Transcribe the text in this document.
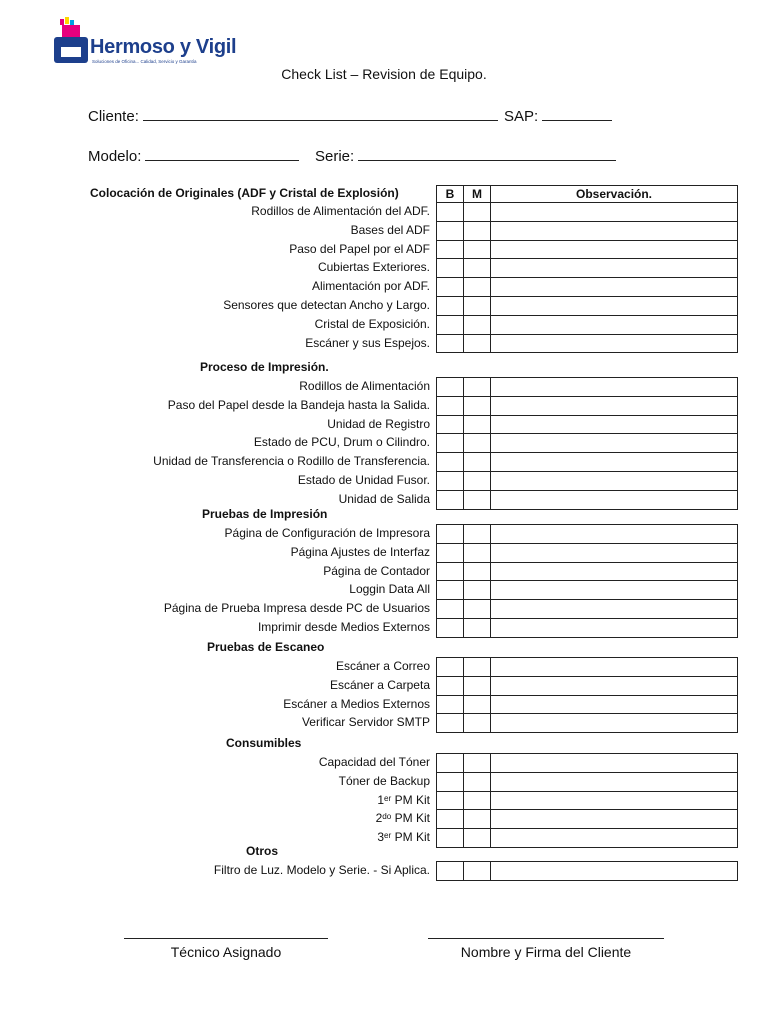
Hermoso y Vigil
Soluciones de Oficina... Calidad, Servicio y Garantía
Check List – Revision de Equipo.
Cliente:	SAP:
Modelo:	Serie:
Colocación de Originales (ADF y Cristal de Explosión)	B	M	Observación.
Rodillos de Alimentación del ADF.
Bases del ADF
Paso del Papel por el ADF
Cubiertas Exteriores.
Alimentación por ADF.
Sensores que detectan Ancho y Largo.
Cristal de Exposición.
Escáner y sus Espejos.
Proceso de Impresión.
Rodillos de Alimentación
Paso del Papel desde la Bandeja hasta la Salida.
Unidad de Registro
Estado de PCU, Drum o Cilindro.
Unidad de Transferencia o Rodillo de Transferencia.
Estado de Unidad Fusor.
Unidad de Salida
Pruebas de Impresión
Página de Configuración de Impresora
Página Ajustes de Interfaz
Página de Contador
Loggin Data All
Página de Prueba Impresa desde PC de Usuarios
Imprimir desde Medios Externos
Pruebas de Escaneo
Escáner a Correo
Escáner a Carpeta
Escáner a Medios Externos
Verificar Servidor SMTP
Consumibles
Capacidad del Tóner
Tóner de Backup
1ᵉʳ PM Kit
2ᵈᵒ PM Kit
3ᵉʳ PM Kit
Otros
Filtro de Luz. Modelo y Serie. - Si Aplica.
Técnico Asignado	Nombre y Firma del Cliente
